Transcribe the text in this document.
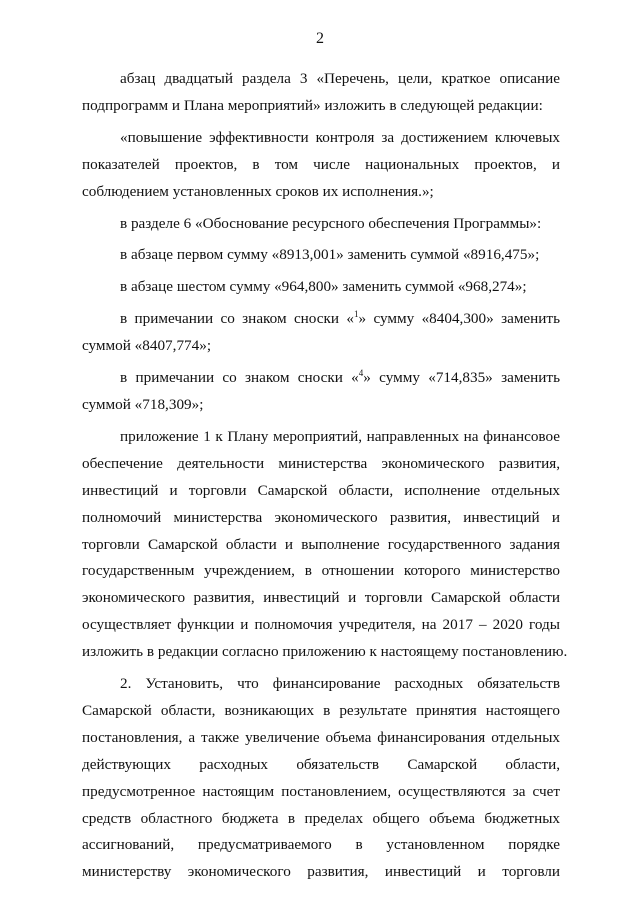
2

абзац двадцатый раздела 3 «Перечень, цели, краткое описание
подпрограмм и Плана мероприятий» изложить в следующей редакции:

«повышение эффективности контроля за достижением ключевых
показателей проектов, в том числе национальных проектов, и
соблюдением установленных сроков их исполнения.»;

в разделе 6 «Обоснование ресурсного обеспечения Программы»:

в абзаце первом сумму «8913,001» заменить суммой «8916,475»;

в абзаце шестом сумму «964,800» заменить суммой «968,274»;

в примечании со знаком сноски «$^1$» сумму «8404,300» заменить
суммой «8407,774»;

в примечании со знаком сноски «$^4$» сумму «714,835» заменить
суммой «718,309»;

приложение 1 к Плану мероприятий, направленных на финансовое
обеспечение деятельности министерства экономического развития,
инвестиций и торговли Самарской области, исполнение отдельных
полномочий министерства экономического развития, инвестиций и
торговли Самарской области и выполнение государственного задания
государственным учреждением, в отношении которого министерство
экономического развития, инвестиций и торговли Самарской области
осуществляет функции и полномочия учредителя, на 2017 – 2020 годы
изложить в редакции согласно приложению к настоящему постановлению.

2. Установить, что финансирование расходных обязательств
Самарской области, возникающих в результате принятия настоящего
постановления, а также увеличение объема финансирования отдельных
действующих расходных обязательств Самарской области,
предусмотренное настоящим постановлением, осуществляются за счет
средств областного бюджета в пределах общего объема бюджетных
ассигнований, предусматриваемого в установленном порядке
министерству экономического развития, инвестиций и торговли
